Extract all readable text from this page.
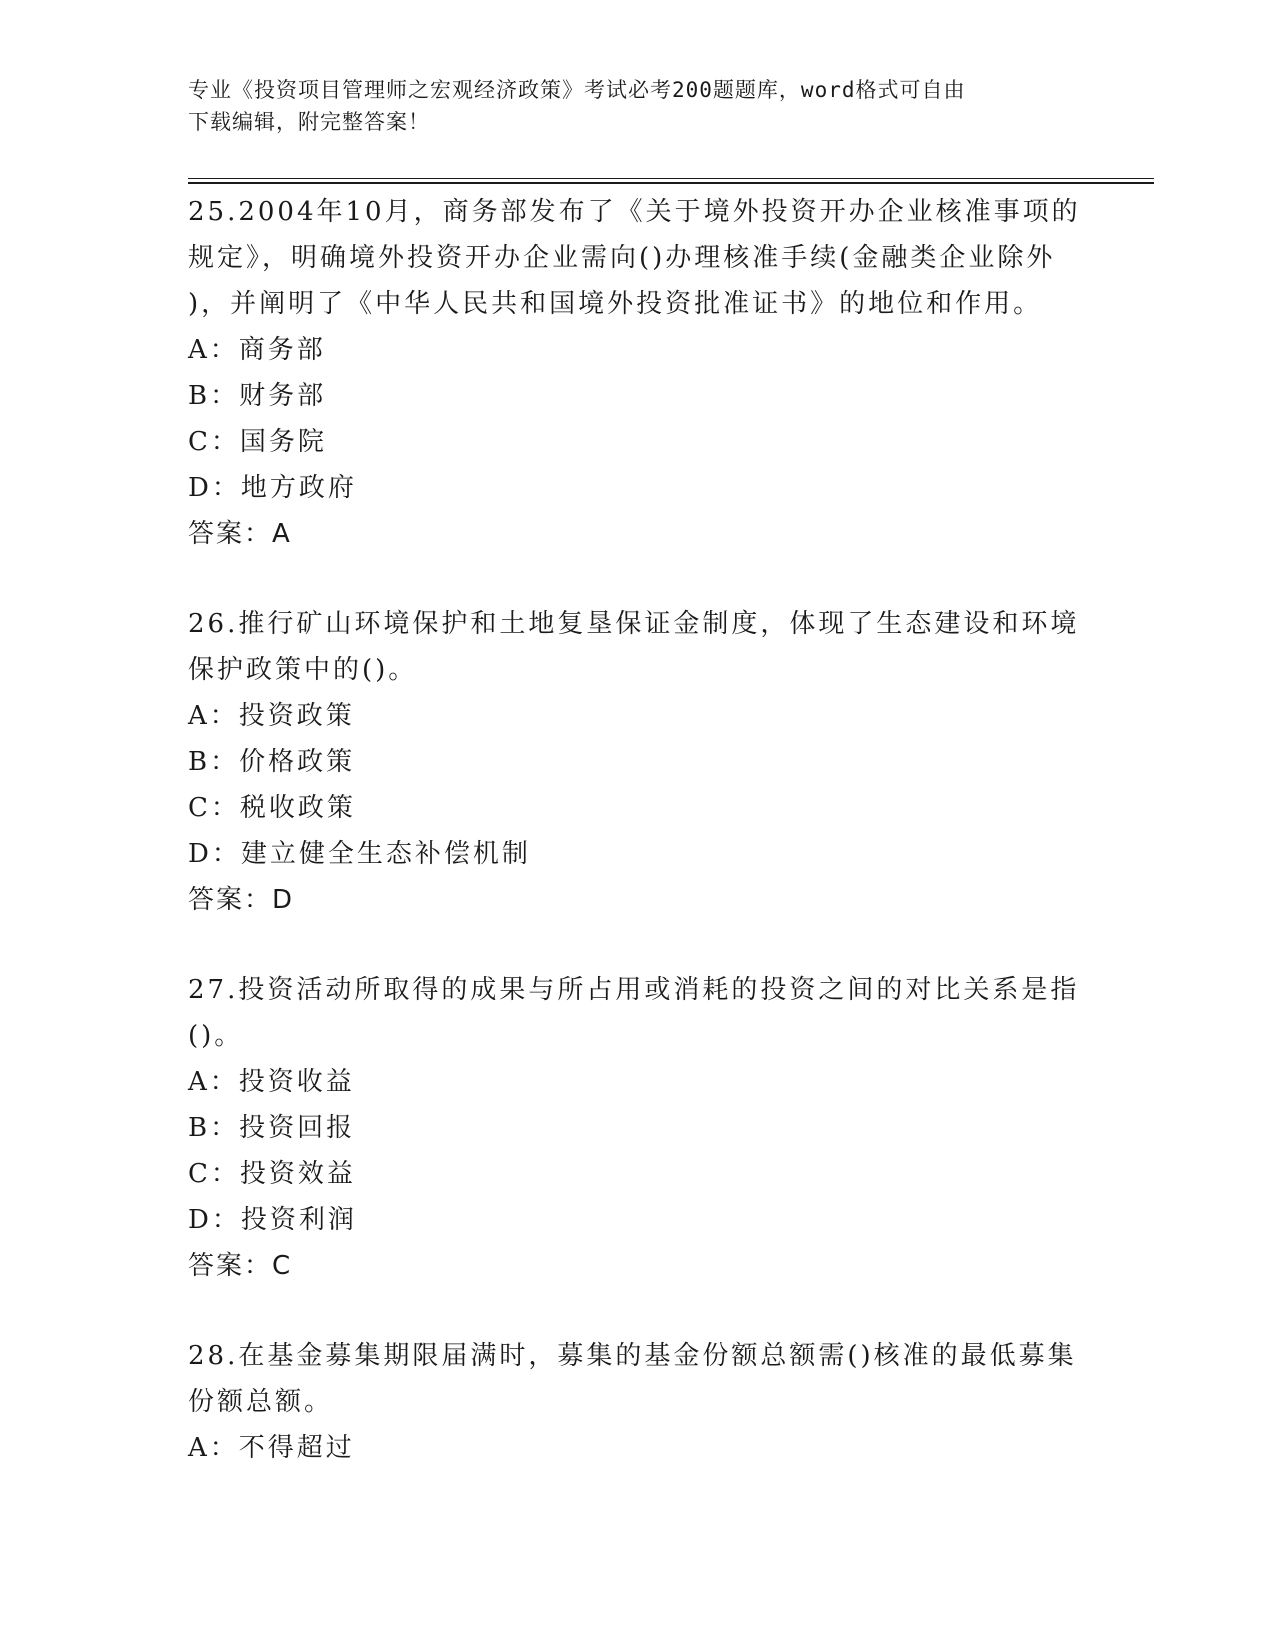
专业《投资项目管理师之宏观经济政策》考试必考200题题库，word格式可自由
下载编辑，附完整答案！

25.2004年10月，商务部发布了《关于境外投资开办企业核准事项的

规定》，明确境外投资开办企业需向()办理核准手续(金融类企业除外

)，并阐明了《中华人民共和国境外投资批准证书》的地位和作用。

A：商务部

B：财务部

C：国务院

D：地方政府

答案：A

26.推行矿山环境保护和土地复垦保证金制度，体现了生态建设和环境

保护政策中的()。

A：投资政策

B：价格政策

C：税收政策

D：建立健全生态补偿机制

答案：D

27.投资活动所取得的成果与所占用或消耗的投资之间的对比关系是指

()。

A：投资收益

B：投资回报

C：投资效益

D：投资利润

答案：C

28.在基金募集期限届满时，募集的基金份额总额需()核准的最低募集

份额总额。

A：不得超过
